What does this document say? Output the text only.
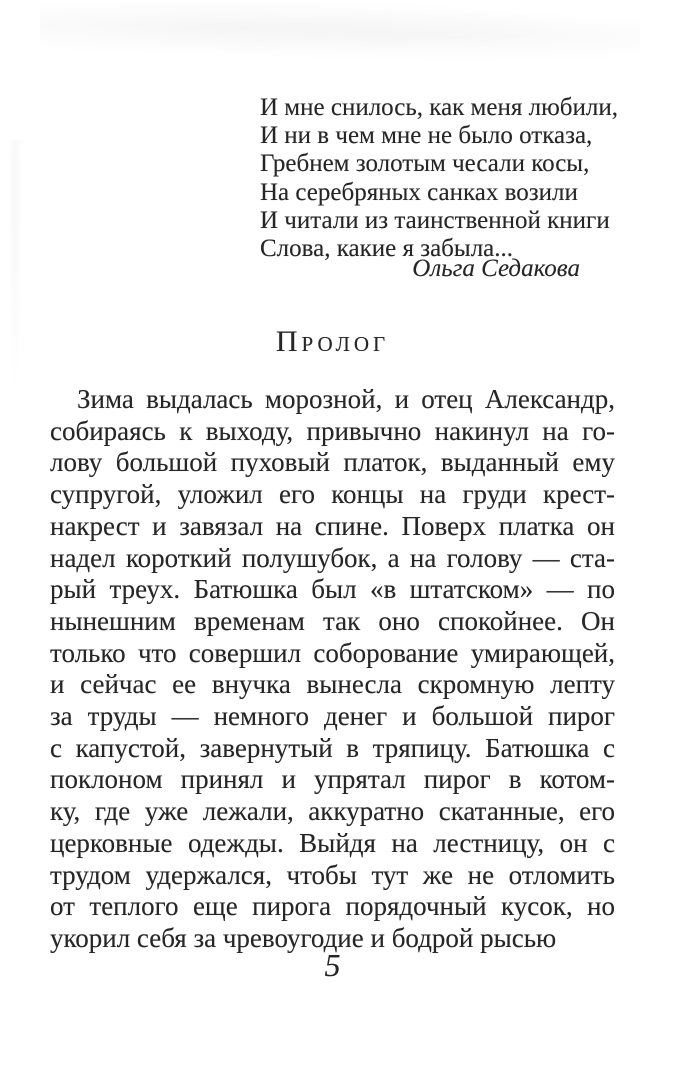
И мне снилось, как меня любили,
И ни в чем мне не было отказа,
Гребнем золотым чесали косы,
На серебряных санках возили
И читали из таинственной книги
Слова, какие я забыла...
Ольга Седакова
Пролог
Зима выдалась морозной, и отец Александр,
собираясь к выходу, привычно накинул на го-
лову большой пуховый платок, выданный ему
супругой, уложил его концы на груди крест-
накрест и завязал на спине. Поверх платка он
надел короткий полушубок, а на голову — ста-
рый треух. Батюшка был «в штатском» — по
нынешним временам так оно спокойнее. Он
только что совершил соборование умирающей,
и сейчас ее внучка вынесла скромную лепту
за труды — немного денег и большой пирог
с капустой, завернутый в тряпицу. Батюшка с
поклоном принял и упрятал пирог в котом-
ку, где уже лежали, аккуратно скатанные, его
церковные одежды. Выйдя на лестницу, он с
трудом удержался, чтобы тут же не отломить
от теплого еще пирога порядочный кусок, но
укорил себя за чревоугодие и бодрой рысью
5
